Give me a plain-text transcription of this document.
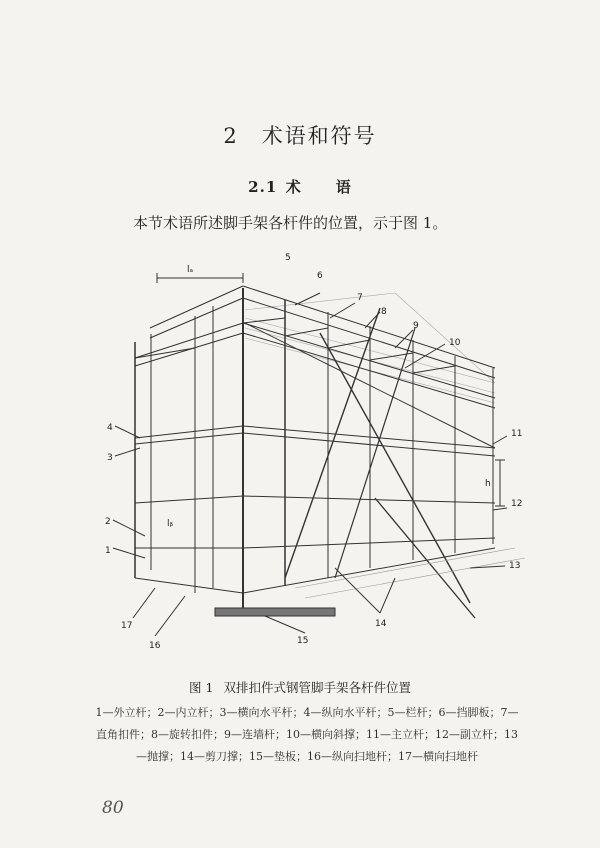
2  术语和符号
2.1  术 语
本节术语所述脚手架各杆件的位置，示于图 1。
lₐ
lᵦ
h
1
2
3
4
5
6
7
8
9
10
11
12
13
14
15
16
17
图 1 双排扣件式钢管脚手架各杆件位置
1—外立杆；2—内立杆；3—横向水平杆；4—纵向水平杆；5—栏杆；6—挡脚板；7—直角扣件；8—旋转扣件；9—连墙杆；10—横向斜撑；11—主立杆；12—副立杆；13—抛撑；14—剪刀撑；15—垫板；16—纵向扫地杆；17—横向扫地杆
80
